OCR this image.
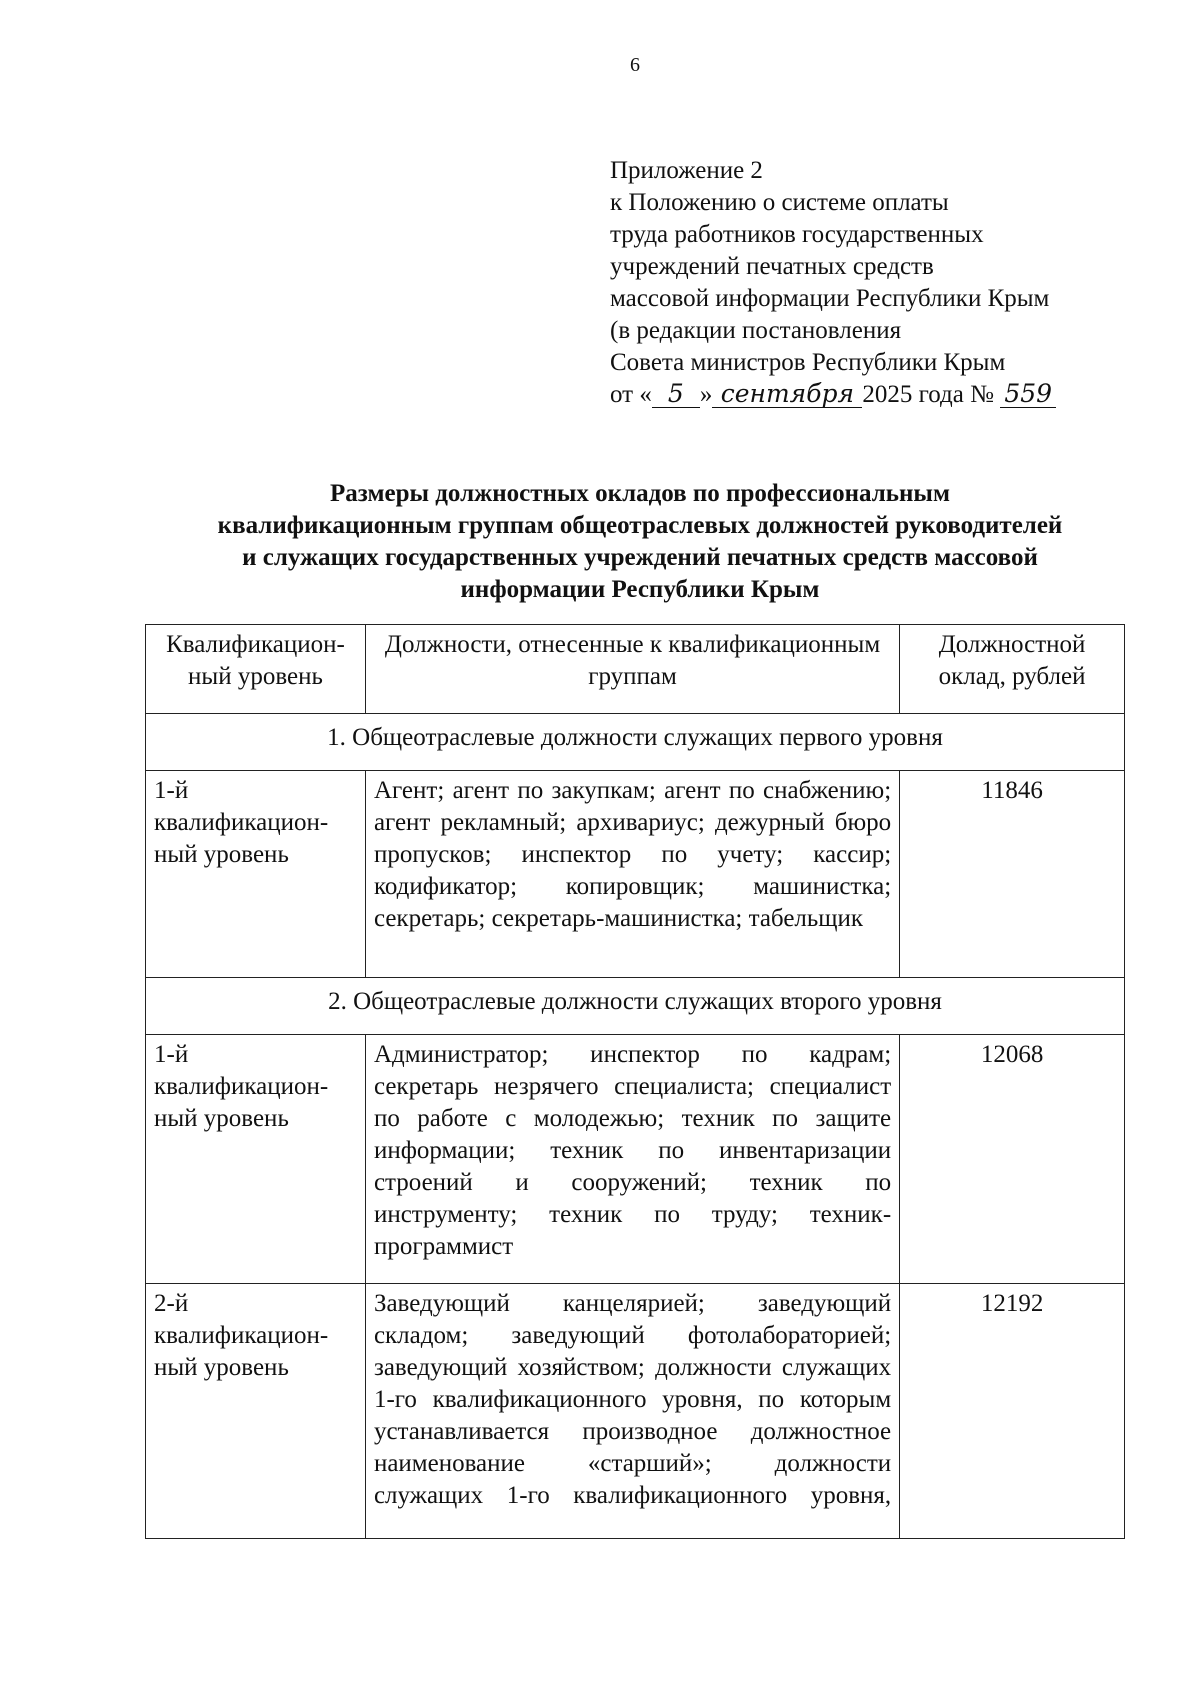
6
Приложение 2
к Положению о системе оплаты
труда работников государственных
учреждений печатных средств
массовой информации Республики Крым
(в редакции постановления
Совета министров Республики Крым
от « 5 » сентября 2025 года № 559
Размеры должностных окладов по профессиональным
квалификационным группам общеотраслевых должностей руководителей
и служащих государственных учреждений печатных средств массовой
информации Республики Крым
Квалификацион-ный уровень	Должности, отнесенные к квалификационным группам	Должностной оклад, рублей
1. Общеотраслевые должности служащих первого уровня		
1-й квалификацион-ный уровень	Агент; агент по закупкам; агент по снабжению; агент рекламный; архивариус; дежурный бюро пропусков; инспектор по учету; кассир; кодификатор; копировщик; машинистка; секретарь; секретарь-машинистка; табельщик	11846
2. Общеотраслевые должности служащих второго уровня		
1-й квалификацион-ный уровень	Администратор; инспектор по кадрам; секретарь незрячего специалиста; специалист по работе с молодежью; техник по защите информации; техник по инвентаризации строений и сооружений; техник по инструменту; техник по труду; техник-программист	12068
2-й квалификацион-ный уровень	Заведующий канцелярией; заведующий складом; заведующий фотолабораторией; заведующий хозяйством; должности служащих 1-го квалификационного уровня, по которым устанавливается производное должностное наименование «старший»; должности служащих 1-го квалификационного уровня,	12192
